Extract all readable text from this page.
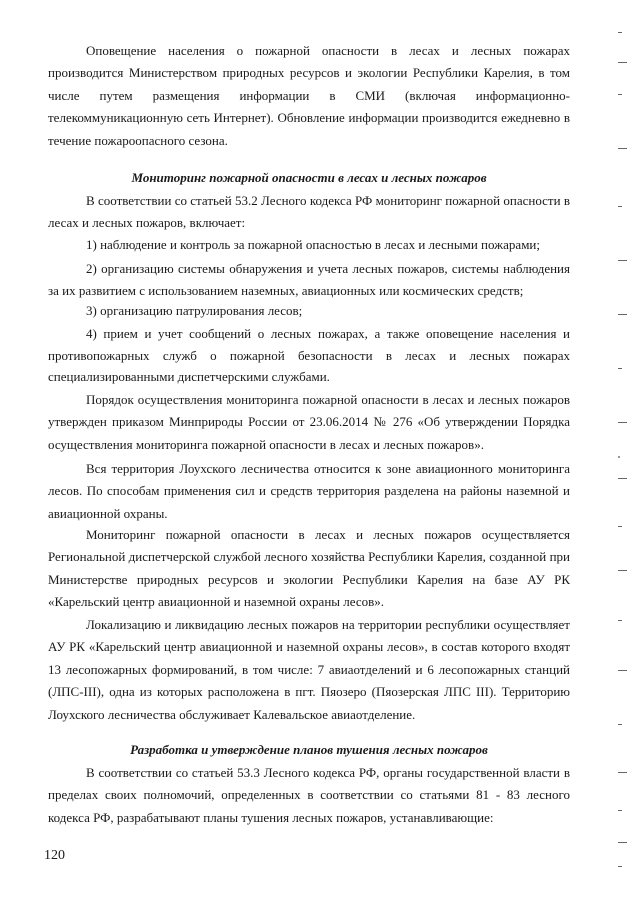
Оповещение населения о пожарной опасности в лесах и лесных пожарах производится Министерством природных ресурсов и экологии Республики Карелия, в том числе путем размещения информации в СМИ (включая информационно-телекоммуникационную сеть Интернет). Обновление информации производится ежедневно в течение пожароопасного сезона.

Мониторинг пожарной опасности в лесах и лесных пожаров

В соответствии со статьей 53.2 Лесного кодекса РФ мониторинг пожарной опасности в лесах и лесных пожаров, включает:

1) наблюдение и контроль за пожарной опасностью в лесах и лесными пожарами;

2) организацию системы обнаружения и учета лесных пожаров, системы наблюдения за их развитием с использованием наземных, авиационных или космических средств;

3) организацию патрулирования лесов;

4) прием и учет сообщений о лесных пожарах, а также оповещение населения и противопожарных служб о пожарной безопасности в лесах и лесных пожарах специализированными диспетчерскими службами.

Порядок осуществления мониторинга пожарной опасности в лесах и лесных пожаров утвержден приказом Минприроды России от 23.06.2014 № 276 «Об утверждении Порядка осуществления мониторинга пожарной опасности в лесах и лесных пожаров».

Вся территория Лоухского лесничества относится к зоне авиационного мониторинга лесов. По способам применения сил и средств территория разделена на районы наземной и авиационной охраны.

Мониторинг пожарной опасности в лесах и лесных пожаров осуществляется Региональной диспетчерской службой лесного хозяйства Республики Карелия, созданной при Министерстве природных ресурсов и экологии Республики Карелия на базе АУ РК «Карельский центр авиационной и наземной охраны лесов».

Локализацию и ликвидацию лесных пожаров на территории республики осуществляет АУ РК «Карельский центр авиационной и наземной охраны лесов», в состав которого входят 13 лесопожарных формирований, в том числе: 7 авиаотделений и 6 лесопожарных станций (ЛПС-III), одна из которых расположена в пгт. Пяозеро (Пяозерская ЛПС III). Территорию Лоухского лесничества обслуживает Калевальское авиаотделение.

Разработка и утверждение планов тушения лесных пожаров

В соответствии со статьей 53.3 Лесного кодекса РФ, органы государственной власти в пределах своих полномочий, определенных в соответствии со статьями 81 - 83 лесного кодекса РФ, разрабатывают планы тушения лесных пожаров, устанавливающие:

120
